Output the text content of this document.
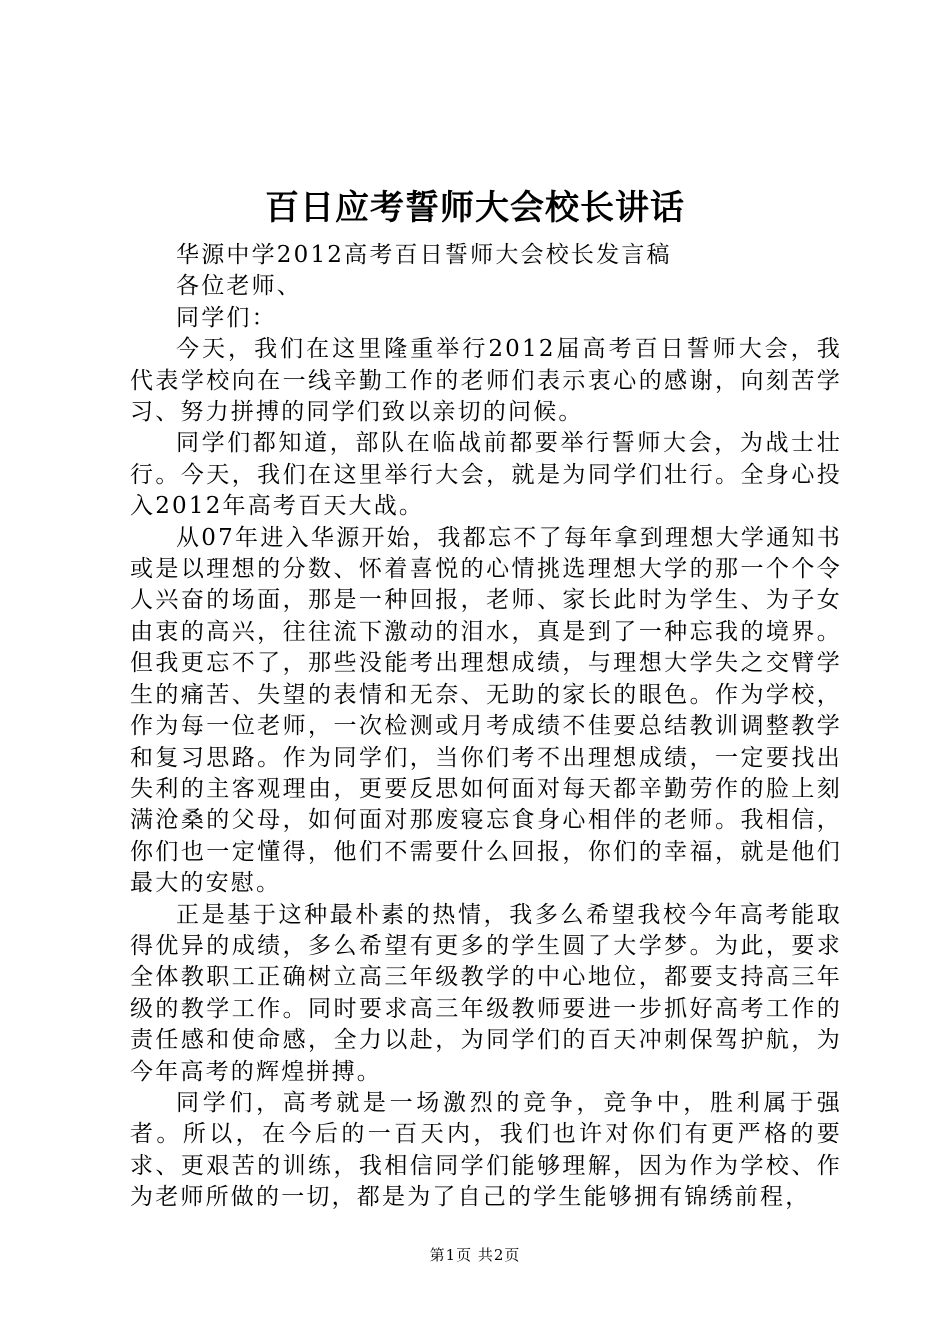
百日应考誓师大会校长讲话

华源中学2012高考百日誓师大会校长发言稿

各位老师、

同学们：

今天，我们在这里隆重举行2012届高考百日誓师大会，我代表学校向在一线辛勤工作的老师们表示衷心的感谢，向刻苦学习、努力拼搏的同学们致以亲切的问候。

同学们都知道，部队在临战前都要举行誓师大会，为战士壮行。今天，我们在这里举行大会，就是为同学们壮行。全身心投入2012年高考百天大战。

从07年进入华源开始，我都忘不了每年拿到理想大学通知书或是以理想的分数、怀着喜悦的心情挑选理想大学的那一个个令人兴奋的场面，那是一种回报，老师、家长此时为学生、为子女由衷的高兴，往往流下激动的泪水，真是到了一种忘我的境界。但我更忘不了，那些没能考出理想成绩，与理想大学失之交臂学生的痛苦、失望的表情和无奈、无助的家长的眼色。作为学校，作为每一位老师，一次检测或月考成绩不佳要总结教训调整教学和复习思路。作为同学们，当你们考不出理想成绩，一定要找出失利的主客观理由，更要反思如何面对每天都辛勤劳作的脸上刻满沧桑的父母，如何面对那废寝忘食身心相伴的老师。我相信，你们也一定懂得，他们不需要什么回报，你们的幸福，就是他们最大的安慰。

正是基于这种最朴素的热情，我多么希望我校今年高考能取得优异的成绩，多么希望有更多的学生圆了大学梦。为此，要求全体教职工正确树立高三年级教学的中心地位，都要支持高三年级的教学工作。同时要求高三年级教师要进一步抓好高考工作的责任感和使命感，全力以赴，为同学们的百天冲刺保驾护航，为今年高考的辉煌拼搏。

同学们，高考就是一场激烈的竞争，竞争中，胜利属于强者。所以，在今后的一百天内，我们也许对你们有更严格的要求、更艰苦的训练，我相信同学们能够理解，因为作为学校、作为老师所做的一切，都是为了自己的学生能够拥有锦绣前程，

第1页 共2页
